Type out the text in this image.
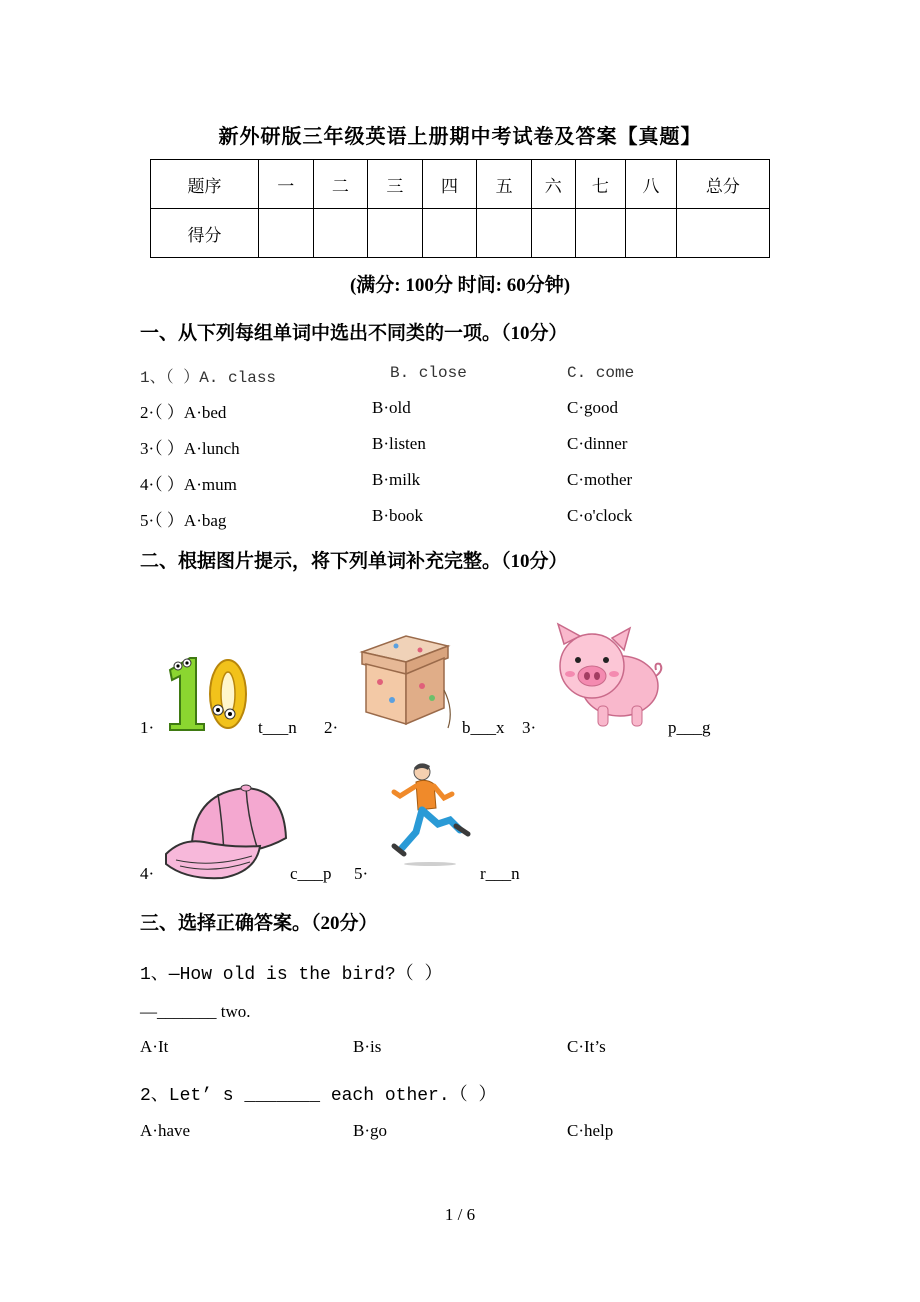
新外研版三年级英语上册期中考试卷及答案【真题】
题序	一	二	三	四	五	六	七	八	总分
得分									
(满分: 100分 时间: 60分钟)
一、从下列每组单词中选出不同类的一项。（10分）
1、（ ）A. class	B. close	C. come
2·（ ）A·bed	B·old	C·good
3·（ ）A·lunch	B·listen	C·dinner
4·（ ）A·mum	B·milk	C·mother
5·（ ）A·bag	B·book	C·o'clock
二、根据图片提示，将下列单词补充完整。（10分）
1·	t___n 2·	b___x 3·	p___g
4·	c___p 5·	r___n
三、选择正确答案。（20分）
1、—How old is the bird?（ ）
—_______ two.
A·It	B·is	C·It’s
2、Let’ s _______ each other.（ ）
A·have	B·go	C·help
1 / 6
